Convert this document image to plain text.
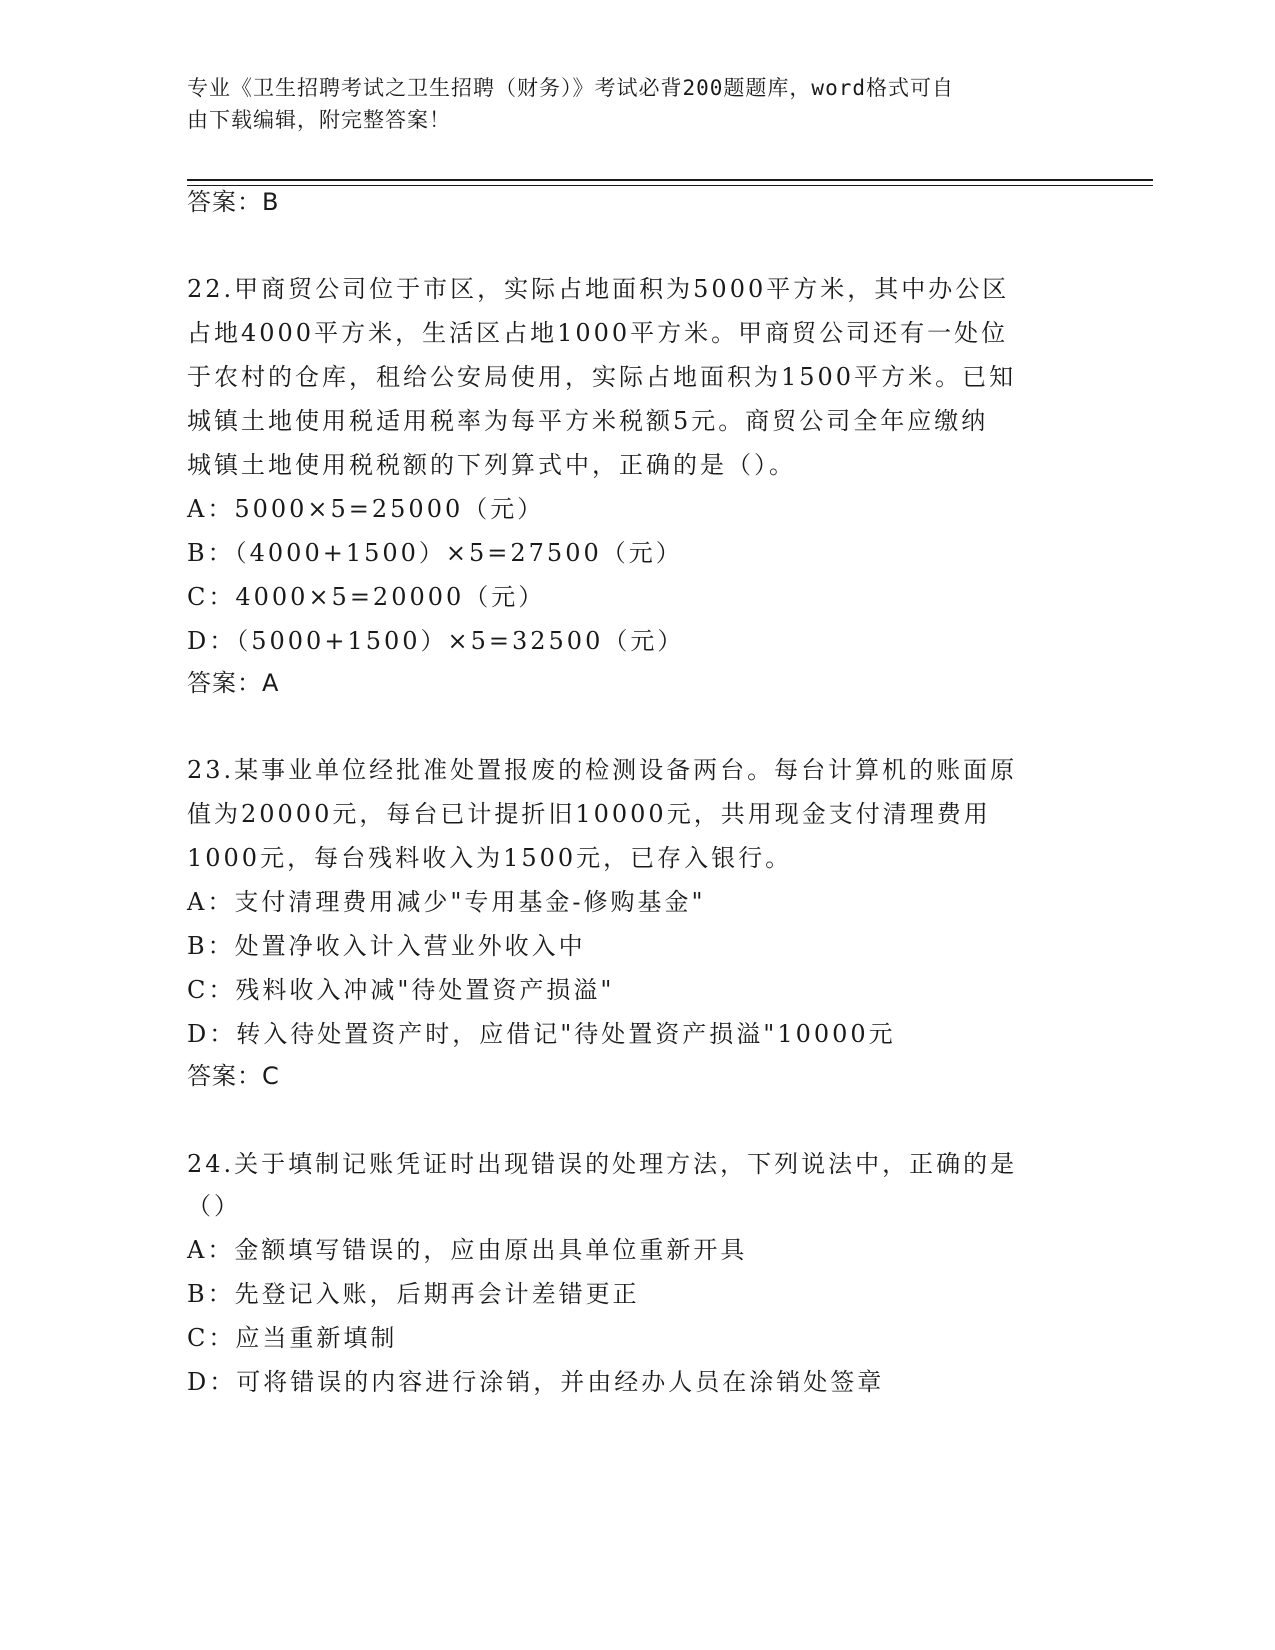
专业《卫生招聘考试之卫生招聘（财务）》考试必背200题题库，word格式可自
由下载编辑，附完整答案！
答案：B
22.甲商贸公司位于市区，实际占地面积为5000平方米，其中办公区
占地4000平方米，生活区占地1000平方米。甲商贸公司还有一处位
于农村的仓库，租给公安局使用，实际占地面积为1500平方米。已知
城镇土地使用税适用税率为每平方米税额5元。商贸公司全年应缴纳
城镇土地使用税税额的下列算式中，正确的是（）。
A：5000×5=25000（元）
B：（4000+1500）×5=27500（元）
C：4000×5=20000（元）
D：（5000+1500）×5=32500（元）
答案：A
23.某事业单位经批准处置报废的检测设备两台。每台计算机的账面原
值为20000元，每台已计提折旧10000元，共用现金支付清理费用
1000元，每台残料收入为1500元，已存入银行。
A：支付清理费用减少"专用基金-修购基金"
B：处置净收入计入营业外收入中
C：残料收入冲减"待处置资产损溢"
D：转入待处置资产时，应借记"待处置资产损溢"10000元
答案：C
24.关于填制记账凭证时出现错误的处理方法，下列说法中，正确的是
（）
A：金额填写错误的，应由原出具单位重新开具
B：先登记入账，后期再会计差错更正
C：应当重新填制
D：可将错误的内容进行涂销，并由经办人员在涂销处签章
